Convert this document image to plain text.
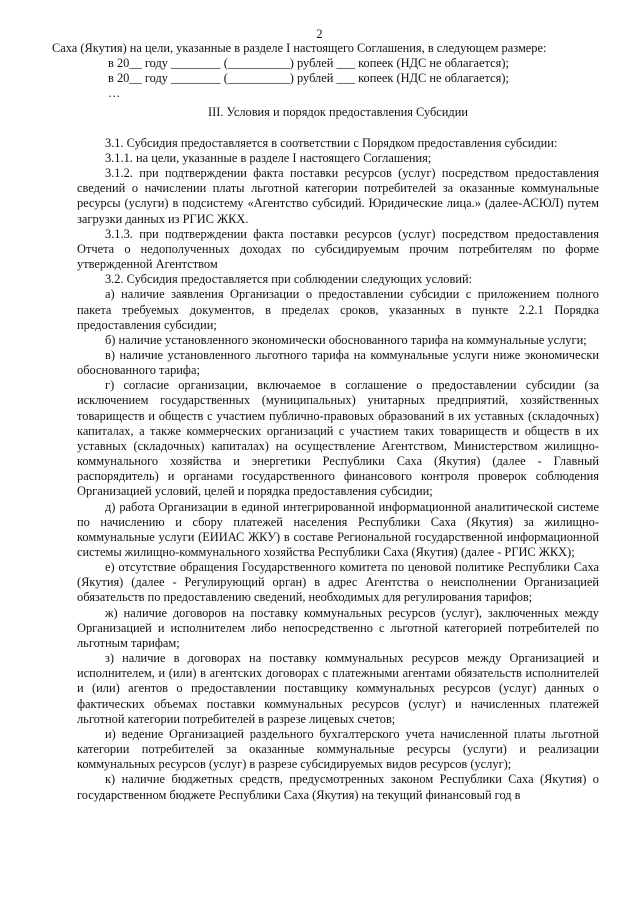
2

Саха (Якутия) на цели, указанные в разделе I настоящего Соглашения, в следующем размере:

в 20__ году ________ (__________) рублей ___ копеек (НДС не облагается);

в 20__ году ________ (__________) рублей ___ копеек (НДС не облагается);

…

III. Условия и порядок предоставления Субсидии

3.1. Субсидия предоставляется в соответствии с Порядком предоставления субсидии:

3.1.1. на цели, указанные в разделе I настоящего Соглашения;

3.1.2. при подтверждении факта поставки ресурсов (услуг) посредством предоставления сведений о начислении платы льготной категории потребителей за оказанные коммунальные ресурсы (услуги) в подсистему «Агентство субсидий. Юридические лица.» (далее-АСЮЛ) путем загрузки данных из РГИС ЖКХ.

3.1.3. при подтверждении факта поставки ресурсов (услуг) посредством предоставления Отчета о недополученных доходах по субсидируемым прочим потребителям по форме утвержденной Агентством

3.2. Субсидия предоставляется при соблюдении следующих условий:

а) наличие заявления Организации о предоставлении субсидии с приложением полного пакета требуемых документов, в пределах сроков, указанных в пункте 2.2.1 Порядка предоставления субсидии;

б) наличие установленного экономически обоснованного тарифа на коммунальные услуги;

в) наличие установленного льготного тарифа на коммунальные услуги ниже экономически обоснованного тарифа;

г) согласие организации, включаемое в соглашение о предоставлении субсидии (за исключением государственных (муниципальных) унитарных предприятий, хозяйственных товариществ и обществ с участием публично-правовых образований в их уставных (складочных) капиталах, а также коммерческих организаций с участием таких товариществ и обществ в их уставных (складочных) капиталах) на осуществление Агентством, Министерством жилищно-коммунального хозяйства и энергетики Республики Саха (Якутия) (далее - Главный распорядитель) и органами государственного финансового контроля проверок соблюдения Организацией условий, целей и порядка предоставления субсидии;

д) работа Организации в единой интегрированной информационной аналитической системе по начислению и сбору платежей населения Республики Саха (Якутия) за жилищно-коммунальные услуги (ЕИИАС ЖКУ) в составе Региональной государственной информационной системы жилищно-коммунального хозяйства Республики Саха (Якутия) (далее - РГИС ЖКХ);

е) отсутствие обращения Государственного комитета по ценовой политике Республики Саха (Якутия) (далее - Регулирующий орган) в адрес Агентства о неисполнении Организацией обязательств по предоставлению сведений, необходимых для регулирования тарифов;

ж) наличие договоров на поставку коммунальных ресурсов (услуг), заключенных между Организацией и исполнителем либо непосредственно с льготной категорией потребителей по льготным тарифам;

з) наличие в договорах на поставку коммунальных ресурсов между Организацией и исполнителем, и (или) в агентских договорах с платежными агентами обязательств исполнителей и (или) агентов о предоставлении поставщику коммунальных ресурсов (услуг) данных о фактических объемах поставки коммунальных ресурсов (услуг) и начисленных платежей льготной категории потребителей в разрезе лицевых счетов;

и) ведение Организацией раздельного бухгалтерского учета начисленной платы льготной категории потребителей за оказанные коммунальные ресурсы (услуги) и реализации коммунальных ресурсов (услуг) в разрезе субсидируемых видов ресурсов (услуг);

к) наличие бюджетных средств, предусмотренных законом Республики Саха (Якутия) о государственном бюджете Республики Саха (Якутия) на текущий финансовый год в
